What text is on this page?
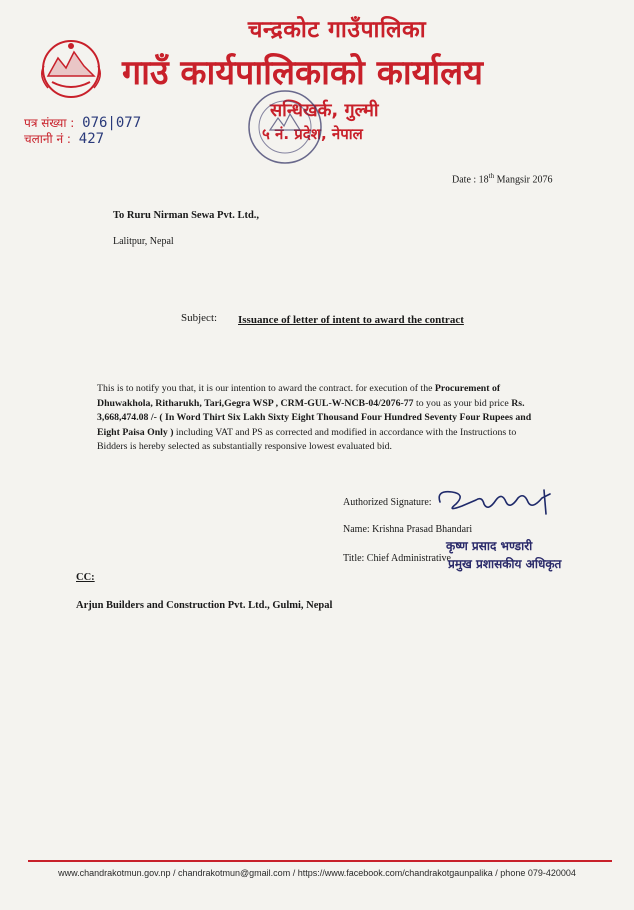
चन्द्रकोट गाउँपालिका
गाउँ कार्यपालिकाको कार्यालय
सन्धिखर्क, गुल्मी
५ नं. प्रदेश, नेपाल
पत्र संख्या : 076|077
चलानी नं : 427
Date : 18th Mangsir 2076
To Ruru Nirman Sewa Pvt. Ltd.,
Lalitpur, Nepal
Subject: Issuance of letter of intent to award the contract
This is to notify you that, it is our intention to award the contract. for execution of the Procurement of Dhuwakhola, Ritharukh, Tari,Gegra WSP , CRM-GUL-W-NCB-04/2076-77 to you as your bid price Rs. 3,668,474.08 /- ( In Word Thirt Six Lakh Sixty Eight Thousand Four Hundred Seventy Four Rupees and Eight Paisa Only ) including VAT and PS as corrected and modified in accordance with the Instructions to Bidders is hereby selected as substantially responsive lowest evaluated bid.
Authorized Signature:
Name: Krishna Prasad Bhandari
कृष्ण प्रसाद भण्डारी
Title: Chief Administrative
प्रमुख प्रशासकीय अधिकृत
CC:
Arjun Builders and Construction Pvt. Ltd., Gulmi, Nepal
www.chandrakotmun.gov.np / chandrakotmun@gmail.com / https://www.facebook.com/chandrakotgaunpalika / phone 079-420004
